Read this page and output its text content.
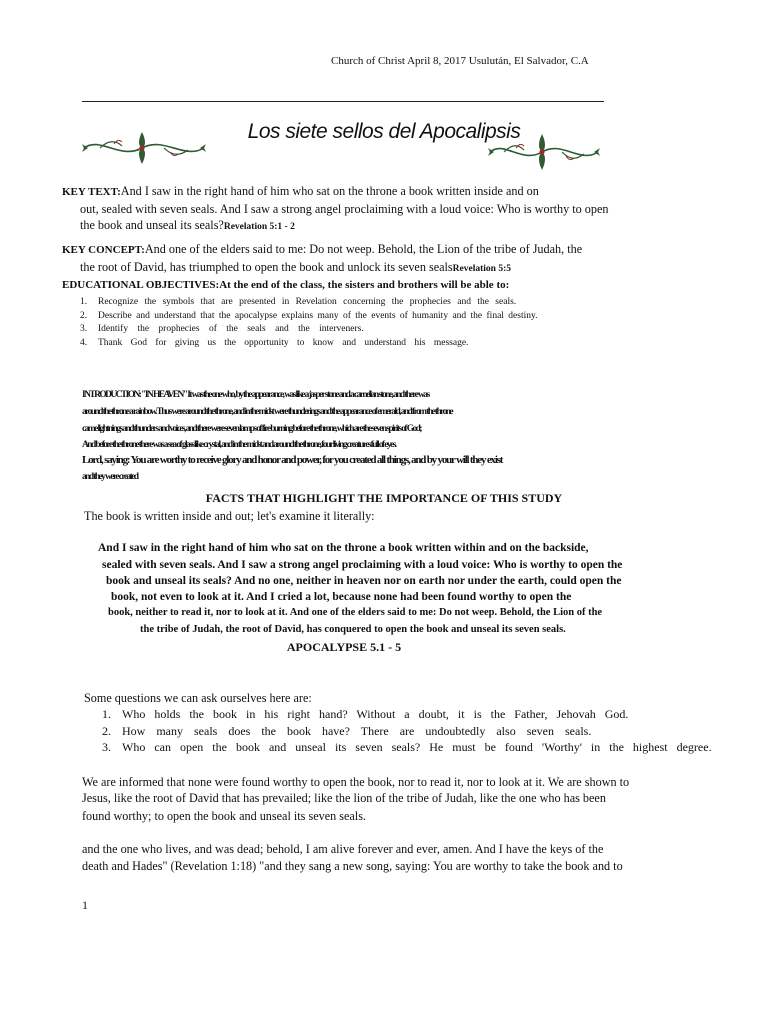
Church of Christ April 8, 2017 Usulután, El Salvador, C.A
Los siete sellos del Apocalipsis
KEY TEXT:And I saw in the right hand of him who sat on the throne a book written inside and on
out, sealed with seven seals. And I saw a strong angel proclaiming with a loud voice: Who is worthy to open
the book and unseal its seals?Revelation 5:1 - 2
KEY CONCEPT:And one of the elders said to me: Do not weep. Behold, the Lion of the tribe of Judah, the
the root of David, has triumphed to open the book and unlock its seven sealsRevelation 5:5
EDUCATIONAL OBJECTIVES:At the end of the class, the sisters and brothers will be able to:
1. Recognize the symbols that are presented in Revelation concerning the prophecies and the seals.
2. Describe and understand that the apocalypse explains many of the events of humanity and the final destiny.
3. Identify the prophecies of the seals and the interveners.
4. Thank God for giving us the opportunity to know and understand his message.
INTRODUCTION: "IN HEAVEN" It was the one who, by the appearance, was like a jasper stone and a carnelian stone, and there was
around the throne a rainbow. Thus were around the throne, and in the midst were thunderings and the appearance of emerald, and from the throne
came lightnings and thunders and voices, and there were seven lamps of fire burning before the throne, which are the seven spirits of God;
And before the throne there was a sea of glass like crystal, and in the midst and around the throne, four living creatures full of eyes.
Lord, saying: You are worthy to receive glory and honor and power, for you created all things, and by your will they exist
and they were created
FACTS THAT HIGHLIGHT THE IMPORTANCE OF THIS STUDY
The book is written inside and out; let's examine it literally:
And I saw in the right hand of him who sat on the throne a book written within and on the backside,
sealed with seven seals. And I saw a strong angel proclaiming with a loud voice: Who is worthy to open the
book and unseal its seals? And no one, neither in heaven nor on earth nor under the earth, could open the
book, not even to look at it. And I cried a lot, because none had been found worthy to open the
book, neither to read it, nor to look at it. And one of the elders said to me: Do not weep. Behold, the Lion of the
the tribe of Judah, the root of David, has conquered to open the book and unseal its seven seals.
APOCALYPSE 5.1 - 5
Some questions we can ask ourselves here are:
1. Who holds the book in his right hand? Without a doubt, it is the Father, Jehovah God.
2. How many seals does the book have? There are undoubtedly also seven seals.
3. Who can open the book and unseal its seven seals? He must be found 'Worthy' in the highest degree.
We are informed that none were found worthy to open the book, nor to read it, nor to look at it. We are shown to
Jesus, like the root of David that has prevailed; like the lion of the tribe of Judah, like the one who has been
found worthy; to open the book and unseal its seven seals.
and the one who lives, and was dead; behold, I am alive forever and ever, amen. And I have the keys of the
death and Hades" (Revelation 1:18) "and they sang a new song, saying: You are worthy to take the book and to
1
